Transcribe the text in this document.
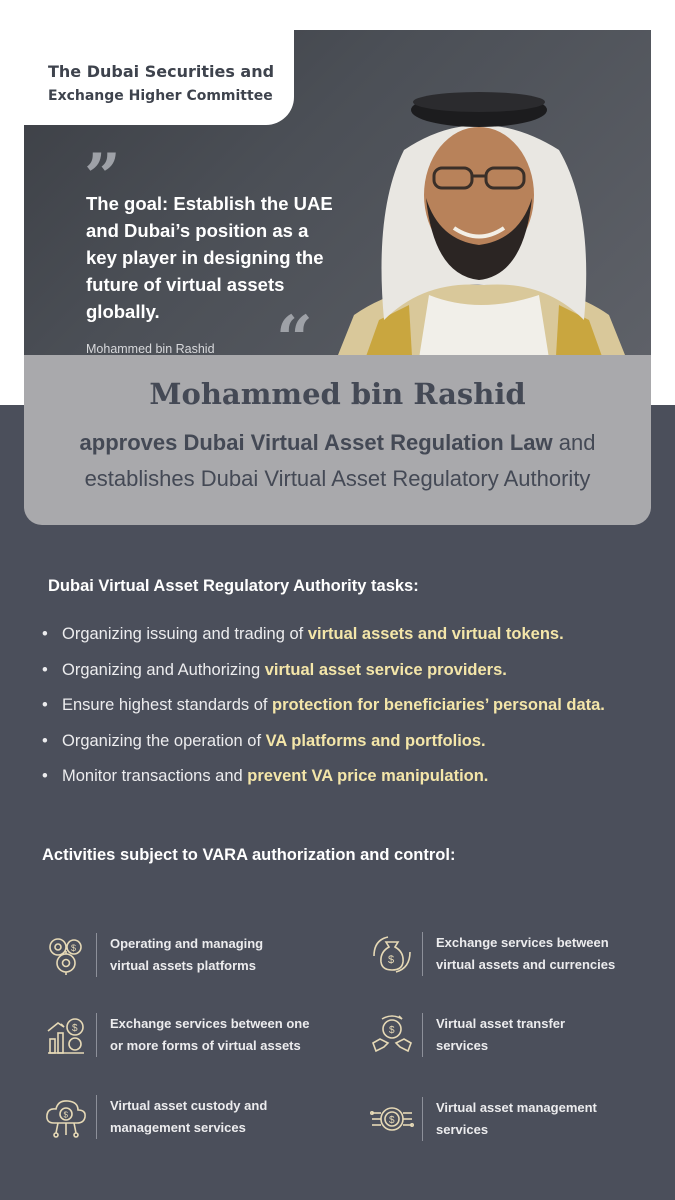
The Dubai Securities and
Exchange Higher Committee
”
The goal: Establish the UAE and Dubai’s position as a key player in designing the future of virtual assets globally.	“
Mohammed bin Rashid
Mohammed bin Rashid
approves Dubai Virtual Asset Regulation Law and
establishes Dubai Virtual Asset Regulatory Authority
Dubai Virtual Asset Regulatory Authority tasks:
• Organizing issuing and trading of virtual assets and virtual tokens.
• Organizing and Authorizing virtual asset service providers.
• Ensure highest standards of protection for beneficiaries’ personal data.
• Organizing the operation of VA platforms and portfolios.
• Monitor transactions and prevent VA price manipulation.
Activities subject to VARA authorization and control:
$	Operating and managing
virtual assets platforms	$
Exchange services between
virtual assets and currencies
$ Exchange services between one
or more forms of virtual assets
$	Virtual asset transfer
services
$
Virtual asset custody and
management services	$
Virtual asset management
services
